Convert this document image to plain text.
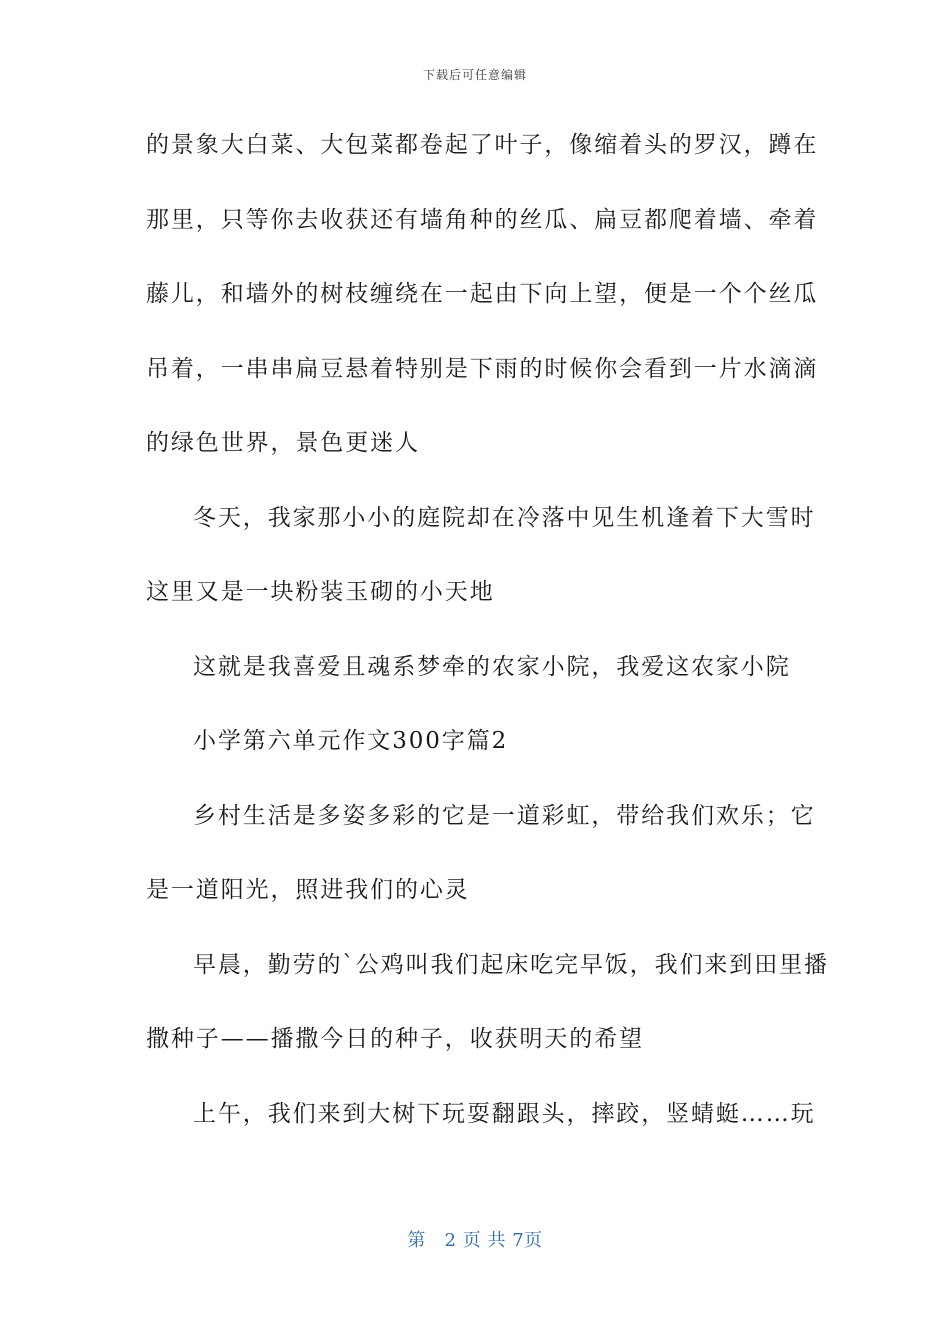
下载后可任意编辑
的景象大白菜、大包菜都卷起了叶子，像缩着头的罗汉，蹲在
那里，只等你去收获还有墙角种的丝瓜、扁豆都爬着墙、牵着
藤儿，和墙外的树枝缠绕在一起由下向上望，便是一个个丝瓜
吊着，一串串扁豆悬着特别是下雨的时候你会看到一片水滴滴
的绿色世界，景色更迷人
冬天，我家那小小的庭院却在冷落中见生机逢着下大雪时
这里又是一块粉装玉砌的小天地
这就是我喜爱且魂系梦牵的农家小院，我爱这农家小院
小学第六单元作文300字篇2
乡村生活是多姿多彩的它是一道彩虹，带给我们欢乐；它
是一道阳光，照进我们的心灵
早晨，勤劳的`公鸡叫我们起床吃完早饭，我们来到田里播
撒种子——播撒今日的种子，收获明天的希望
上午，我们来到大树下玩耍翻跟头，摔跤，竖蜻蜓……玩
第 2 页 共 7页
